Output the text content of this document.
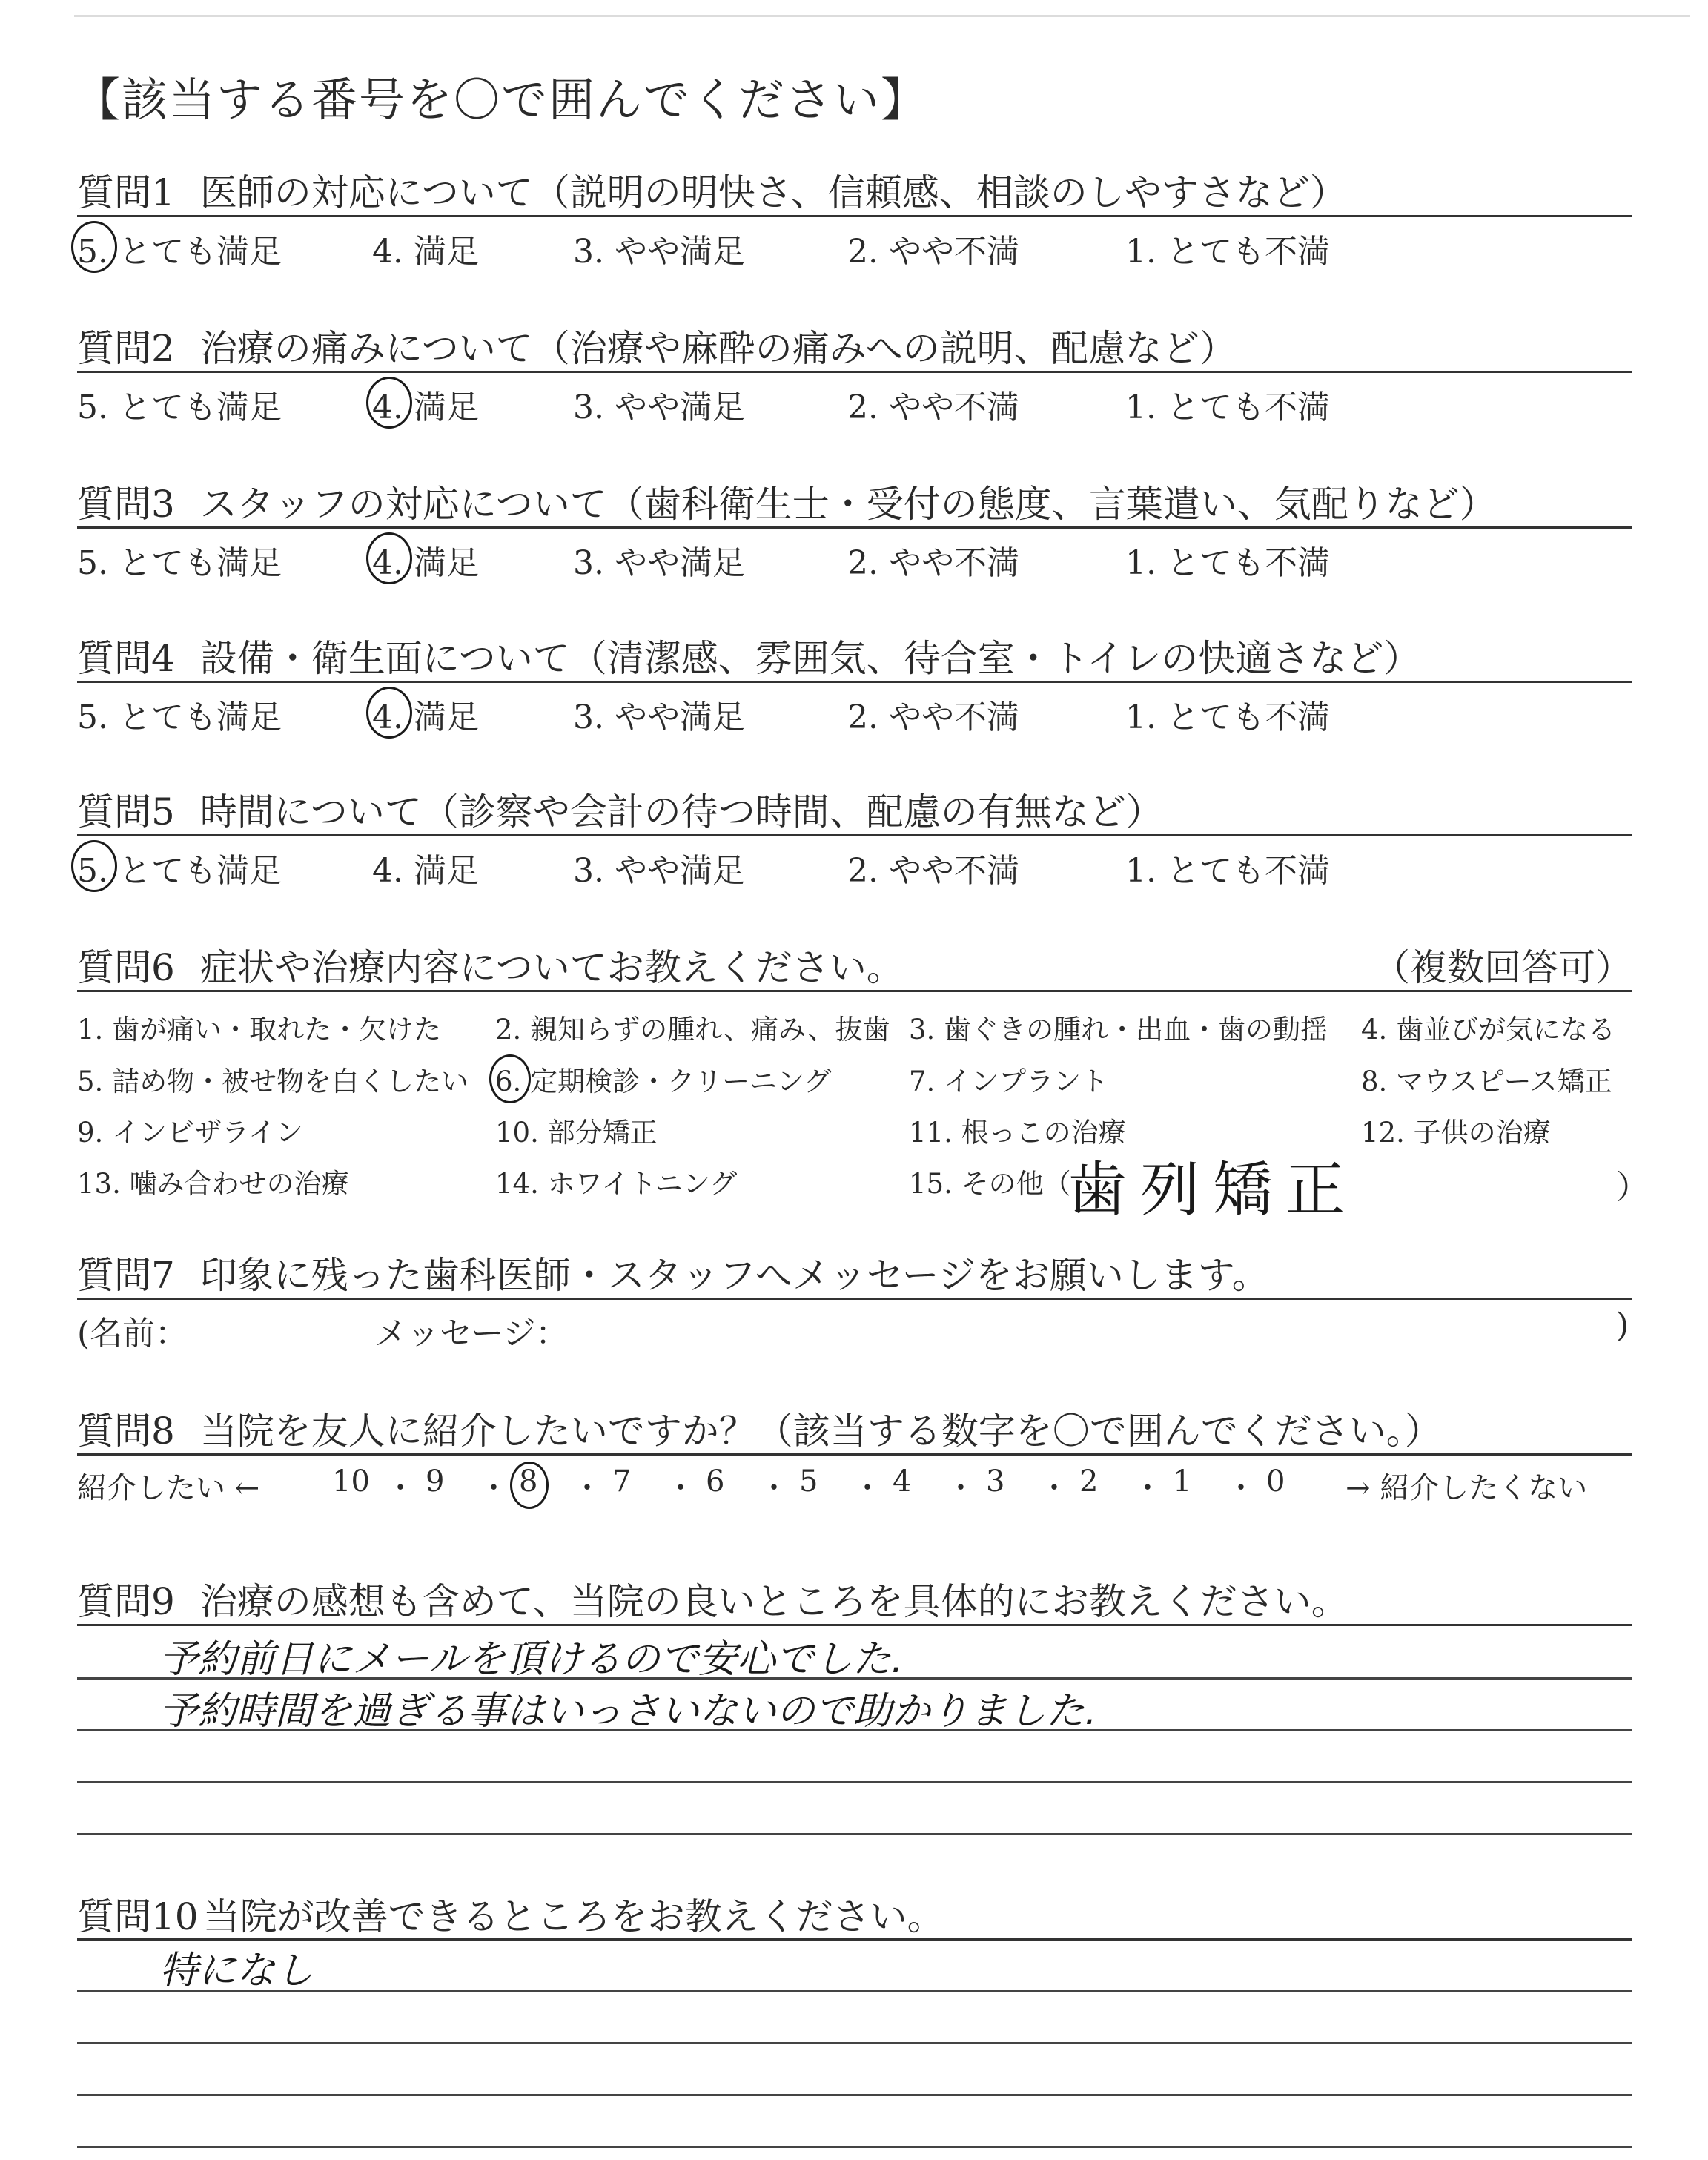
【該当する番号を〇で囲んでください】
質問1 医師の対応について（説明の明快さ、信頼感、相談のしやすさなど）
5. とても満足	4. 満足	3. やや満足	2. やや不満	1. とても不満
質問2 治療の痛みについて（治療や麻酔の痛みへの説明、配慮など）
5. とても満足	4. 満足	3. やや満足	2. やや不満	1. とても不満
質問3 スタッフの対応について（歯科衛生士・受付の態度、言葉遣い、気配りなど）
5. とても満足	4. 満足	3. やや満足	2. やや不満	1. とても不満
質問4 設備・衛生面について（清潔感、雰囲気、待合室・トイレの快適さなど）
5. とても満足	4. 満足	3. やや満足	2. やや不満	1. とても不満
質問5 時間について（診察や会計の待つ時間、配慮の有無など）
5. とても満足	4. 満足	3. やや満足	2. やや不満	1. とても不満
質問6 症状や治療内容についてお教えください。	（複数回答可）
1. 歯が痛い・取れた・欠けた 2. 親知らずの腫れ、痛み、抜歯 3. 歯ぐきの腫れ・出血・歯の動揺 4. 歯並びが気になる
5. 詰め物・被せ物を白くしたい 6. 定期検診・クリーニング	7. インプラント	8. マウスピース矯正
9. インビザライン	10. 部分矯正	11. 根っこの治療	12. 子供の治療
13. 噛み合わせの治療	14. ホワイトニング	15. その他（	）
歯列矯正
質問7 印象に残った歯科医師・スタッフへメッセージをお願いします。
(名前：	メッセージ：	)
質問8 当院を友人に紹介したいですか？（該当する数字を〇で囲んでください。）
紹介したい ←	→ 紹介したくない
10 ・ 9 ・ 8 ・ 7 ・ 6 ・ 5 ・ 4 ・ 3 ・ 2 ・ 1 ・ 0
質問9 治療の感想も含めて、当院の良いところを具体的にお教えください。
予約前日にメールを頂けるので安心でした.
予約時間を過ぎる事はいっさいないので助かりました.
質問10 当院が改善できるところをお教えください。
特になし
